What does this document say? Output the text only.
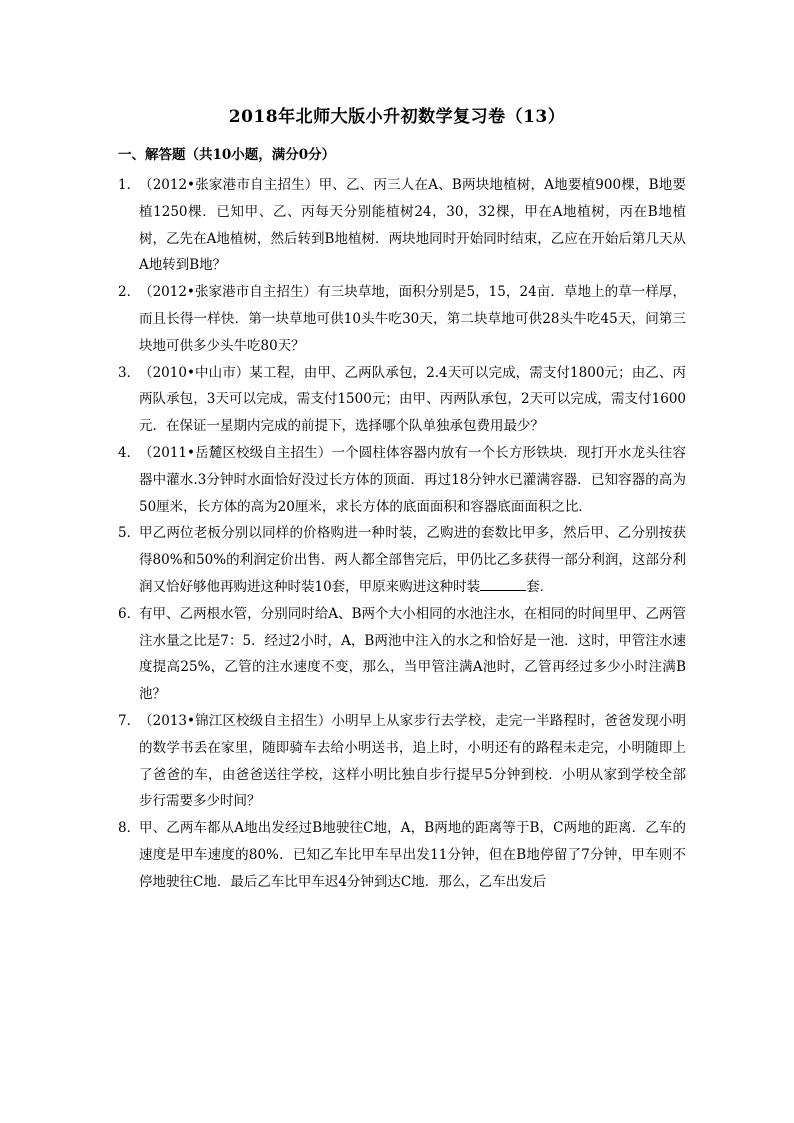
2018年北师大版小升初数学复习卷（13）
一、解答题（共10小题，满分0分）
1．
（2012•张家港市自主招生）甲、乙、丙三人在A、B两块地植树，A地要植900棵，B地要植1250棵．已知甲、乙、丙每天分别能植树24，30，32棵，甲在A地植树，丙在B地植树，乙先在A地植树，然后转到B地植树．两块地同时开始同时结束，乙应在开始后第几天从A地转到B地？
2．
（2012•张家港市自主招生）有三块草地，面积分别是5，15，24亩．草地上的草一样厚，而且长得一样快．第一块草地可供10头牛吃30天，第二块草地可供28头牛吃45天，问第三块地可供多少头牛吃80天？
3．
（2010•中山市）某工程，由甲、乙两队承包，2.4天可以完成，需支付1800元；由乙、丙两队承包，3天可以完成，需支付1500元；由甲、丙两队承包，2天可以完成，需支付1600元．在保证一星期内完成的前提下，选择哪个队单独承包费用最少？
4．
（2011•岳麓区校级自主招生）一个圆柱体容器内放有一个长方形铁块．现打开水龙头往容器中灌水.3分钟时水面恰好没过长方体的顶面．再过18分钟水已灌满容器．已知容器的高为50厘米，长方体的高为20厘米，求长方体的底面面积和容器底面面积之比．
5．
甲乙两位老板分别以同样的价格购进一种时装，乙购进的套数比甲多，然后甲、乙分别按获得80%和50%的利润定价出售．两人都全部售完后，甲仍比乙多获得一部分利润，这部分利润又恰好够他再购进这种时装10套，甲原来购进这种时装	套．
6．
有甲、乙两根水管，分别同时给A、B两个大小相同的水池注水，在相同的时间里甲、乙两管注水量之比是7：5．经过2小时，A，B两池中注入的水之和恰好是一池．这时，甲管注水速度提高25%，乙管的注水速度不变，那么，当甲管注满A池时，乙管再经过多少小时注满B池？
7．
（2013•锦江区校级自主招生）小明早上从家步行去学校，走完一半路程时，爸爸发现小明的数学书丢在家里，随即骑车去给小明送书，追上时，小明还有的路程未走完，小明随即上了爸爸的车，由爸爸送往学校，这样小明比独自步行提早5分钟到校．小明从家到学校全部步行需要多少时间？
8．
甲、乙两车都从A地出发经过B地驶往C地，A，B两地的距离等于B，C两地的距离．乙车的速度是甲车速度的80%．已知乙车比甲车早出发11分钟，但在B地停留了7分钟，甲车则不停地驶往C地．最后乙车比甲车迟4分钟到达C地．那么，乙车出发后
